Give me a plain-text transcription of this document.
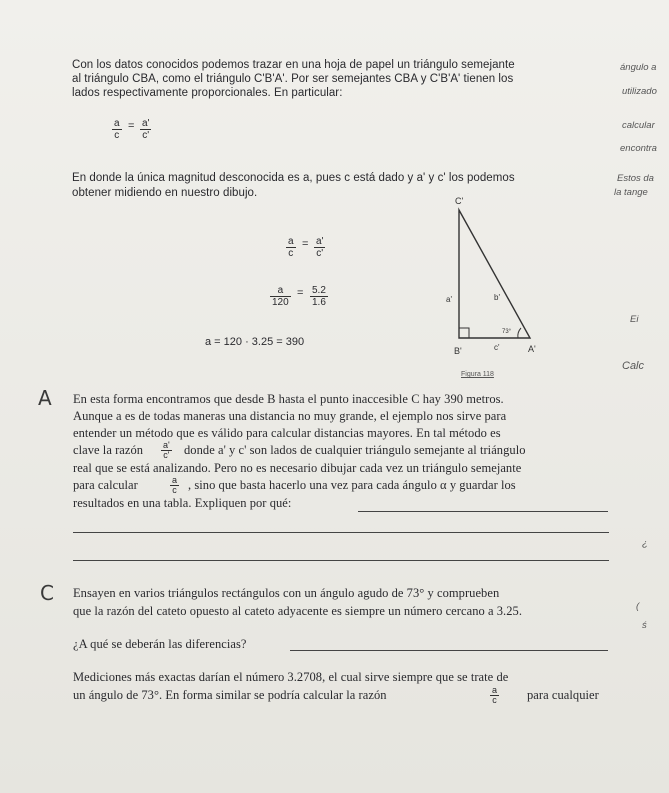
Con los datos conocidos podemos trazar en una hoja de papel un triángulo semejante
al triángulo CBA, como el triángulo C'B'A'. Por ser semejantes CBA y C'B'A' tienen los
lados respectivamente proporcionales. En particular:
$\frac{a}{c} = \frac{a'}{c'}$
En donde la única magnitud desconocida es a, pues c está dado y a' y c' los podemos
obtener midiendo en nuestro dibujo.
$\frac{a}{c} = \frac{a'}{c'}$
$\frac{a}{120} = \frac{5.2}{1.6}$
a = 120 · 3.25 = 390
C'
a'	b'
c'
B'	A'
73°
Figura 118
A En esta forma encontramos que desde B hasta el punto inaccesible C hay 390 metros.
Aunque a es de todas maneras una distancia no muy grande, el ejemplo nos sirve para
entender un método que es válido para calcular distancias mayores. En tal método es
clave la razón $\frac{a'}{c'}$ donde a' y c' son lados de cualquier triángulo semejante al triángulo
real que se está analizando. Pero no es necesario dibujar cada vez un triángulo semejante
para calcular	$\frac{a}{c}$ , sino que basta hacerlo una vez para cada ángulo α y guardar los
resultados en una tabla. Expliquen por qué:
C Ensayen en varios triángulos rectángulos con un ángulo agudo de 73° y comprueben
que la razón del cateto opuesto al cateto adyacente es siempre un número cercano a 3.25.
¿A qué se deberán las diferencias?
Mediciones más exactas darían el número 3.2708, el cual sirve siempre que se trate de
un ángulo de 73°. En forma similar se podría calcular la razón	$\frac{a}{c}$ para cualquier
ángulo a
utilizado
calcular
encontra
Estos da
la tange
Ei
Calc
¿
(
ś
